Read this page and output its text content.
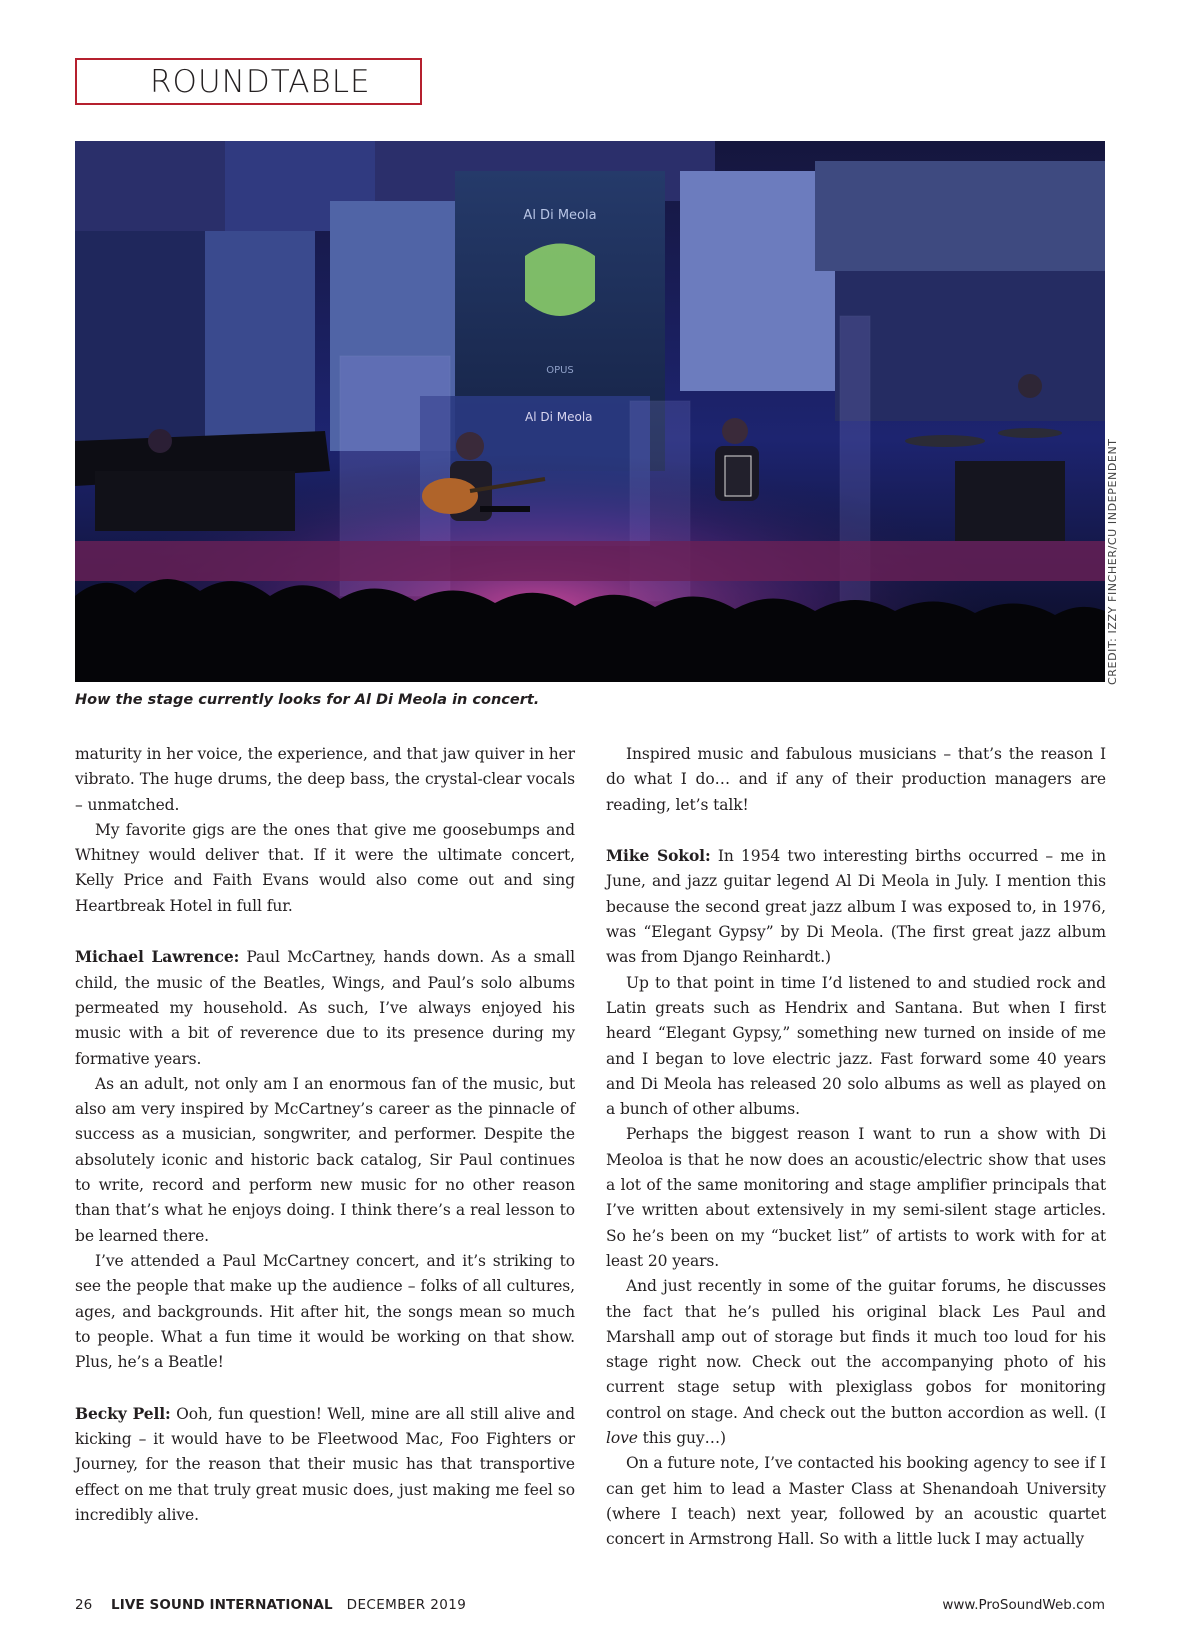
ROUNDTABLE
Al Di Meola
CREDIT: IZZY FINCHER/CU INDEPENDENT
How the stage currently looks for Al Di Meola in concert.

maturity in her voice, the experience, and that jaw quiver in her vibrato. The huge drums, the deep bass, the crystal-clear vocals – unmatched.

My favorite gigs are the ones that give me goosebumps and Whitney would deliver that. If it were the ultimate concert, Kelly Price and Faith Evans would also come out and sing Heartbreak Hotel in full fur.

Michael Lawrence: Paul McCartney, hands down. As a small child, the music of the Beatles, Wings, and Paul’s solo albums permeated my household. As such, I’ve always enjoyed his music with a bit of reverence due to its presence during my formative years.

As an adult, not only am I an enormous fan of the music, but also am very inspired by McCartney’s career as the pinnacle of success as a musician, songwriter, and performer. Despite the absolutely iconic and historic back catalog, Sir Paul continues to write, record and perform new music for no other reason than that’s what he enjoys doing. I think there’s a real lesson to be learned there.

I’ve attended a Paul McCartney concert, and it’s striking to see the people that make up the audience – folks of all cultures, ages, and backgrounds. Hit after hit, the songs mean so much to people. What a fun time it would be working on that show. Plus, he’s a Beatle!

Becky Pell: Ooh, fun question! Well, mine are all still alive and kicking – it would have to be Fleetwood Mac, Foo Fighters or Journey, for the reason that their music has that transportive effect on me that truly great music does, just making me feel so incredibly alive.

Inspired music and fabulous musicians – that’s the reason I do what I do… and if any of their production managers are reading, let’s talk!

Mike Sokol: In 1954 two interesting births occurred – me in June, and jazz guitar legend Al Di Meola in July. I mention this because the second great jazz album I was exposed to, in 1976, was “Elegant Gypsy” by Di Meola. (The first great jazz album was from Django Reinhardt.)

Up to that point in time I’d listened to and studied rock and Latin greats such as Hendrix and Santana. But when I first heard “Elegant Gypsy,” something new turned on inside of me and I began to love electric jazz. Fast forward some 40 years and Di Meola has released 20 solo albums as well as played on a bunch of other albums.

Perhaps the biggest reason I want to run a show with Di Meoloa is that he now does an acoustic/electric show that uses a lot of the same monitoring and stage amplifier principals that I’ve written about extensively in my semi-silent stage articles. So he’s been on my “bucket list” of artists to work with for at least 20 years.

And just recently in some of the guitar forums, he discusses the fact that he’s pulled his original black Les Paul and Marshall amp out of storage but finds it much too loud for his stage right now. Check out the accompanying photo of his current stage setup with plexiglass gobos for monitoring control on stage. And check out the button accordion as well. (I love this guy…)

On a future note, I’ve contacted his booking agency to see if I can get him to lead a Master Class at Shenandoah University (where I teach) next year, followed by an acoustic quartet concert in Armstrong Hall. So with a little luck I may actually

26 LIVE SOUND INTERNATIONAL DECEMBER 2019	www.ProSoundWeb.com
